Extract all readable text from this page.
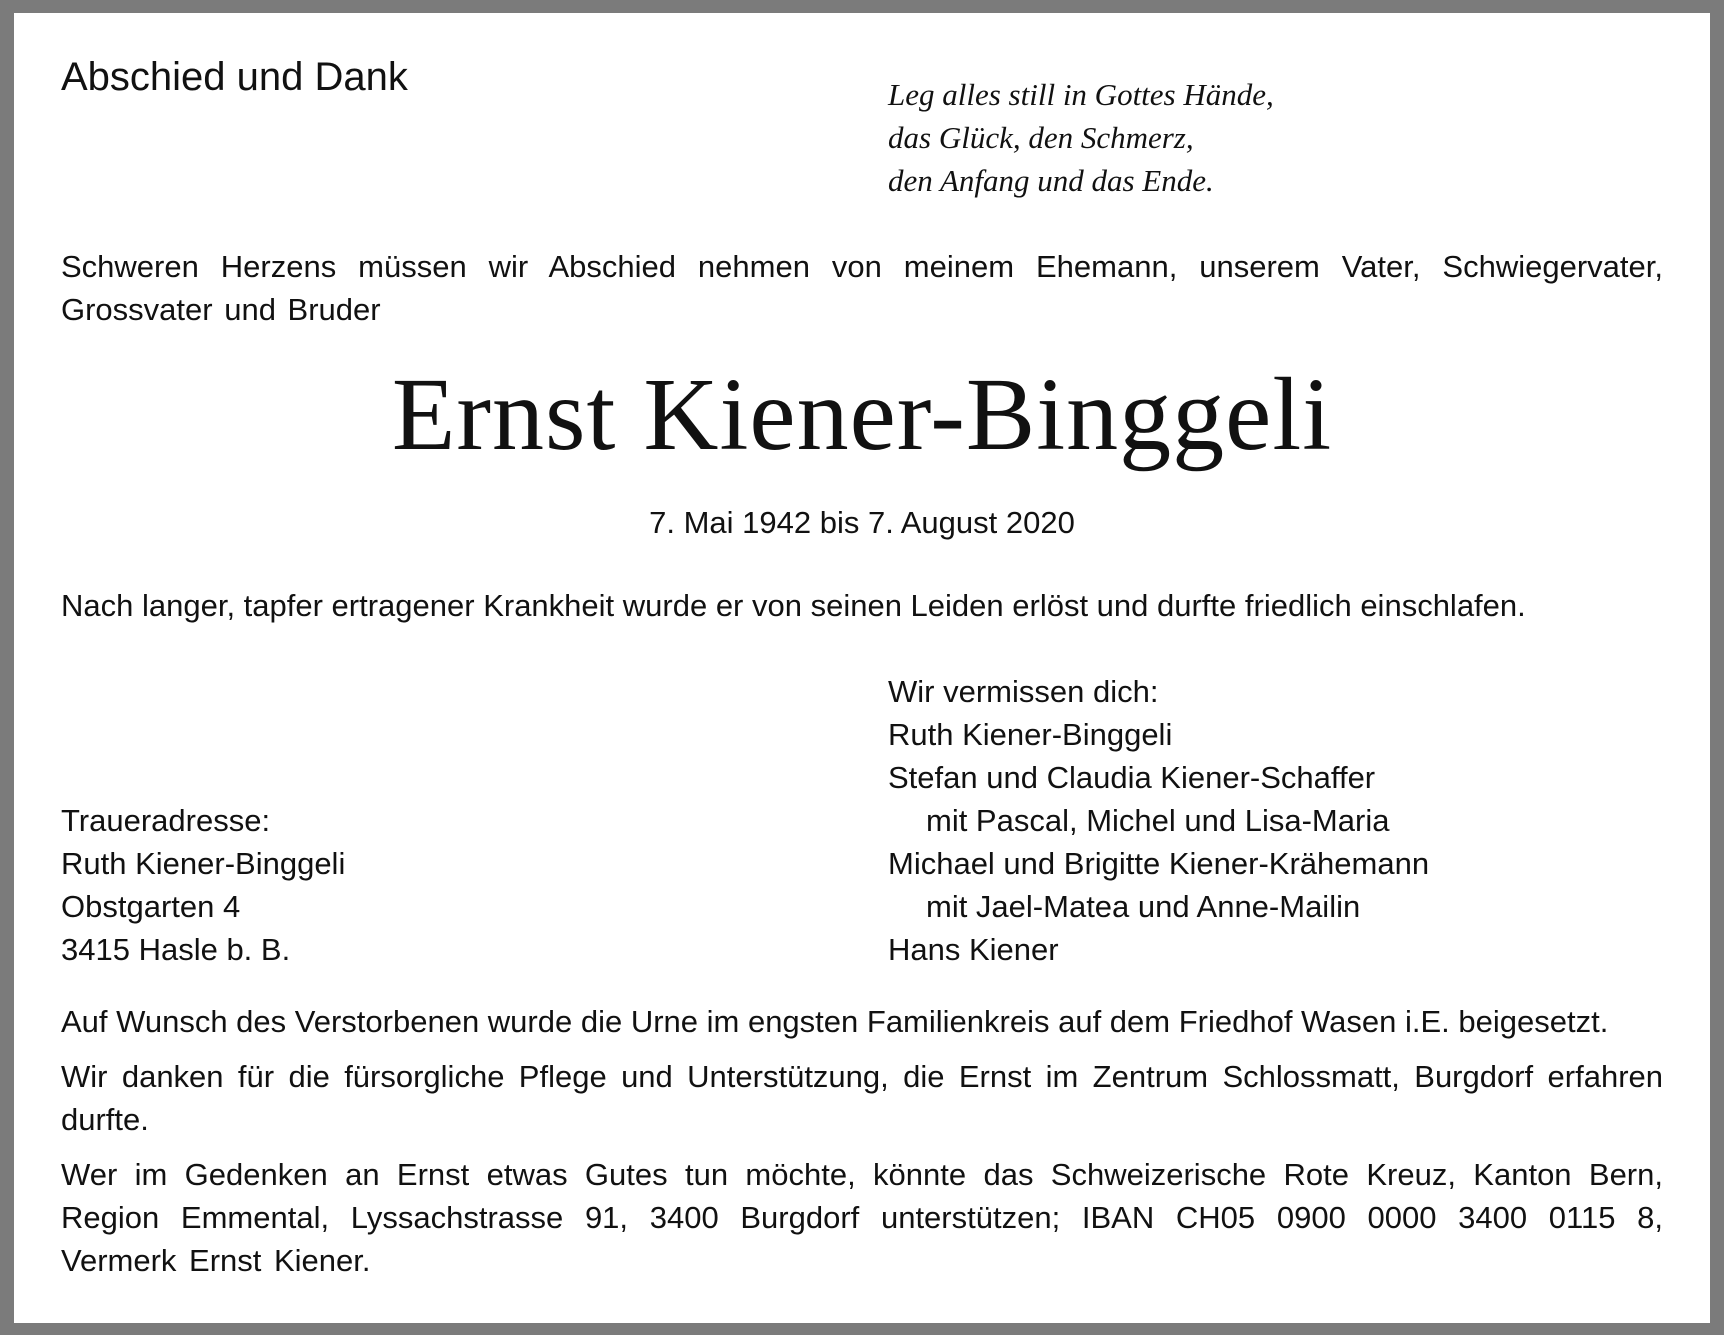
Abschied und Dank	Leg alles still in Gottes Hände,
das Glück, den Schmerz,
den Anfang und das Ende.
Schweren Herzens müssen wir Abschied nehmen von meinem Ehemann, unserem Vater, Schwiegervater, Grossvater und Bruder
Ernst Kiener-Binggeli
7. Mai 1942 bis 7. August 2020
Nach langer, tapfer ertragener Krankheit wurde er von seinen Leiden erlöst und durfte friedlich einschlafen.
Wir vermissen dich:
Ruth Kiener-Binggeli
Stefan und Claudia Kiener-Schaffer
mit Pascal, Michel und Lisa-Maria
Michael und Brigitte Kiener-Krähemann
mit Jael-Matea und Anne-Mailin
Hans Kiener
Traueradresse:
Ruth Kiener-Binggeli
Obstgarten 4
3415 Hasle b. B.
Auf Wunsch des Verstorbenen wurde die Urne im engsten Familienkreis auf dem Friedhof Wasen i.E. beigesetzt.
Wir danken für die fürsorgliche Pflege und Unterstützung, die Ernst im Zentrum Schlossmatt, Burgdorf erfahren durfte.
Wer im Gedenken an Ernst etwas Gutes tun möchte, könnte das Schweizerische Rote Kreuz, Kanton Bern, Region Emmental, Lyssachstrasse 91, 3400 Burgdorf unterstützen; IBAN CH05 0900 0000 3400 0115 8, Vermerk Ernst Kiener.
